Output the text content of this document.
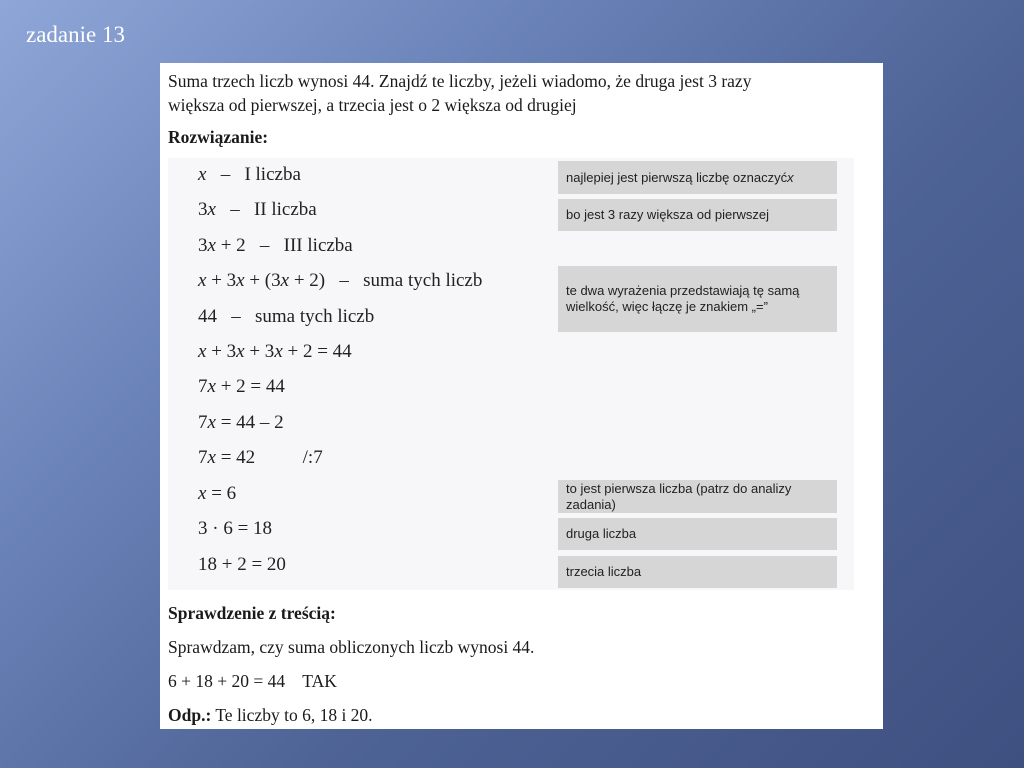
zadanie 13
Suma trzech liczb wynosi 44. Znajdź te liczby, jeżeli wiadomo, że druga jest 3 razy
większa od pierwszej, a trzecia jest o 2 większa od drugiej
Rozwiązanie:
x   –   I liczba
3x   –   II liczba
3x + 2   –   III liczba
x + 3x + (3x + 2)   –   suma tych liczb
44   –   suma tych liczb
x + 3x + 3x + 2 = 44
7x + 2 = 44
7x = 44 – 2
7x = 42          /:7
x = 6
3 · 6 = 18
18 + 2 = 20
najlepiej jest pierwszą liczbę oznaczyć x
bo jest 3 razy większa od pierwszej
te dwa wyrażenia przedstawiają tę samą wielkość, więc łączę je znakiem „=”
to jest pierwsza liczba (patrz do analizy zadania)
druga liczba
trzecia liczba
Sprawdzenie z treścią:
Sprawdzam, czy suma obliczonych liczb wynosi 44.
6 + 18 + 20 = 44    TAK
Odp.: Te liczby to 6, 18 i 20.
